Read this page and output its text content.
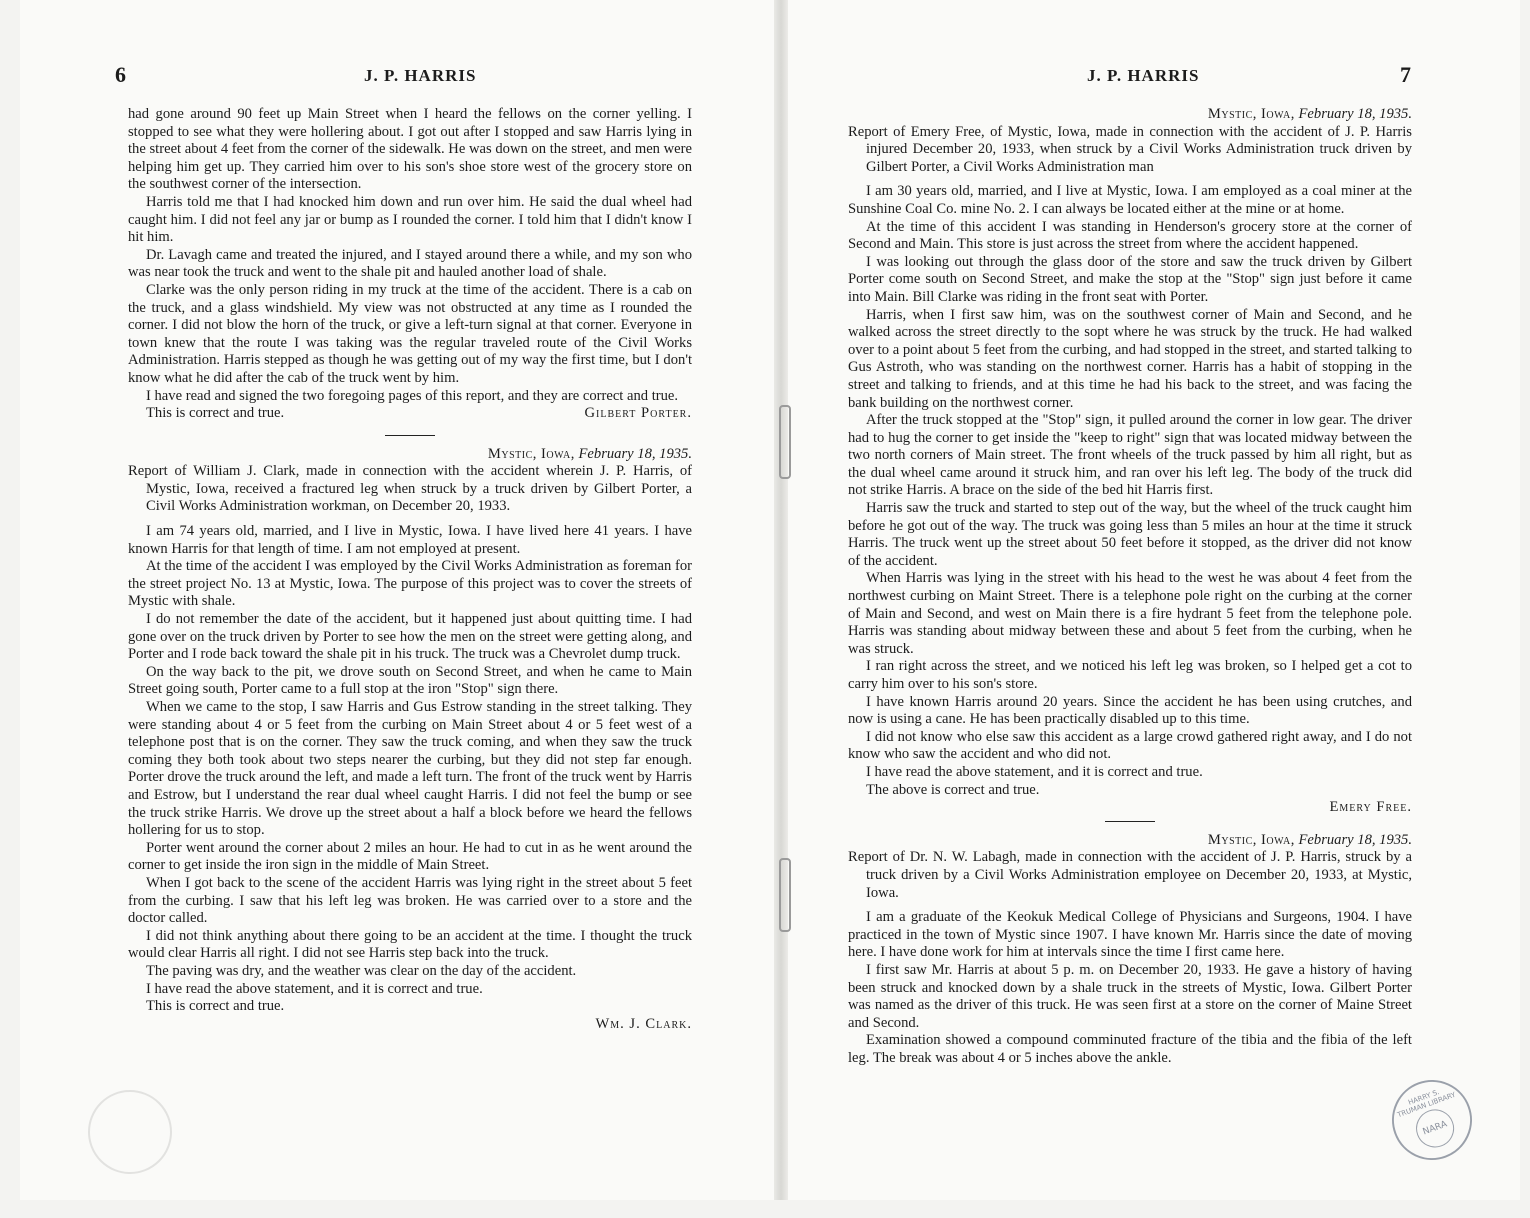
6	J. P. HARRIS

had gone around 90 feet up Main Street when I heard the fellows on the corner yelling. I stopped to see what they were hollering about. I got out after I stopped and saw Harris lying in the street about 4 feet from the corner of the sidewalk. He was down on the street, and men were helping him get up. They carried him over to his son's shoe store west of the grocery store on the southwest corner of the intersection.

Harris told me that I had knocked him down and run over him. He said the dual wheel had caught him. I did not feel any jar or bump as I rounded the corner. I told him that I didn't know I hit him.

Dr. Lavagh came and treated the injured, and I stayed around there a while, and my son who was near took the truck and went to the shale pit and hauled another load of shale.

Clarke was the only person riding in my truck at the time of the accident. There is a cab on the truck, and a glass windshield. My view was not obstructed at any time as I rounded the corner. I did not blow the horn of the truck, or give a left-turn signal at that corner. Everyone in town knew that the route I was taking was the regular traveled route of the Civil Works Administration. Harris stepped as though he was getting out of my way the first time, but I don't know what he did after the cab of the truck went by him.

I have read and signed the two foregoing pages of this report, and they are correct and true.

This is correct and true.	Gilbert Porter.

Mystic, Iowa, February 18, 1935.

Report of William J. Clark, made in connection with the accident wherein J. P. Harris, of Mystic, Iowa, received a fractured leg when struck by a truck driven by Gilbert Porter, a Civil Works Administration workman, on December 20, 1933.

I am 74 years old, married, and I live in Mystic, Iowa. I have lived here 41 years. I have known Harris for that length of time. I am not employed at present.

At the time of the accident I was employed by the Civil Works Administration as foreman for the street project No. 13 at Mystic, Iowa. The purpose of this project was to cover the streets of Mystic with shale.

I do not remember the date of the accident, but it happened just about quitting time. I had gone over on the truck driven by Porter to see how the men on the street were getting along, and Porter and I rode back toward the shale pit in his truck. The truck was a Chevrolet dump truck.

On the way back to the pit, we drove south on Second Street, and when he came to Main Street going south, Porter came to a full stop at the iron "Stop" sign there.

When we came to the stop, I saw Harris and Gus Estrow standing in the street talking. They were standing about 4 or 5 feet from the curbing on Main Street about 4 or 5 feet west of a telephone post that is on the corner. They saw the truck coming, and when they saw the truck coming they both took about two steps nearer the curbing, but they did not step far enough. Porter drove the truck around the left, and made a left turn. The front of the truck went by Harris and Estrow, but I understand the rear dual wheel caught Harris. I did not feel the bump or see the truck strike Harris. We drove up the street about a half a block before we heard the fellows hollering for us to stop.

Porter went around the corner about 2 miles an hour. He had to cut in as he went around the corner to get inside the iron sign in the middle of Main Street.

When I got back to the scene of the accident Harris was lying right in the street about 5 feet from the curbing. I saw that his left leg was broken. He was carried over to a store and the doctor called.

I did not think anything about there going to be an accident at the time. I thought the truck would clear Harris all right. I did not see Harris step back into the truck.

The paving was dry, and the weather was clear on the day of the accident.

I have read the above statement, and it is correct and true.

This is correct and true.

Wm. J. Clark.

J. P. HARRIS	7

Mystic, Iowa, February 18, 1935.

Report of Emery Free, of Mystic, Iowa, made in connection with the accident of J. P. Harris injured December 20, 1933, when struck by a Civil Works Administration truck driven by Gilbert Porter, a Civil Works Administration man

I am 30 years old, married, and I live at Mystic, Iowa. I am employed as a coal miner at the Sunshine Coal Co. mine No. 2. I can always be located either at the mine or at home.

At the time of this accident I was standing in Henderson's grocery store at the corner of Second and Main. This store is just across the street from where the accident happened.

I was looking out through the glass door of the store and saw the truck driven by Gilbert Porter come south on Second Street, and make the stop at the "Stop" sign just before it came into Main. Bill Clarke was riding in the front seat with Porter.

Harris, when I first saw him, was on the southwest corner of Main and Second, and he walked across the street directly to the sopt where he was struck by the truck. He had walked over to a point about 5 feet from the curbing, and had stopped in the street, and started talking to Gus Astroth, who was standing on the northwest corner. Harris has a habit of stopping in the street and talking to friends, and at this time he had his back to the street, and was facing the bank building on the northwest corner.

After the truck stopped at the "Stop" sign, it pulled around the corner in low gear. The driver had to hug the corner to get inside the "keep to right" sign that was located midway between the two north corners of Main street. The front wheels of the truck passed by him all right, but as the dual wheel came around it struck him, and ran over his left leg. The body of the truck did not strike Harris. A brace on the side of the bed hit Harris first.

Harris saw the truck and started to step out of the way, but the wheel of the truck caught him before he got out of the way. The truck was going less than 5 miles an hour at the time it struck Harris. The truck went up the street about 50 feet before it stopped, as the driver did not know of the accident.

When Harris was lying in the street with his head to the west he was about 4 feet from the northwest curbing on Maint Street. There is a telephone pole right on the curbing at the corner of Main and Second, and west on Main there is a fire hydrant 5 feet from the telephone pole. Harris was standing about midway between these and about 5 feet from the curbing, when he was struck.

I ran right across the street, and we noticed his left leg was broken, so I helped get a cot to carry him over to his son's store.

I have known Harris around 20 years. Since the accident he has been using crutches, and now is using a cane. He has been practically disabled up to this time.

I did not know who else saw this accident as a large crowd gathered right away, and I do not know who saw the accident and who did not.

I have read the above statement, and it is correct and true.

The above is correct and true.

Emery Free.

Mystic, Iowa, February 18, 1935.

Report of Dr. N. W. Labagh, made in connection with the accident of J. P. Harris, struck by a truck driven by a Civil Works Administration employee on December 20, 1933, at Mystic, Iowa.

I am a graduate of the Keokuk Medical College of Physicians and Surgeons, 1904. I have practiced in the town of Mystic since 1907. I have known Mr. Harris since the date of moving here. I have done work for him at intervals since the time I first came here.

I first saw Mr. Harris at about 5 p. m. on December 20, 1933. He gave a history of having been struck and knocked down by a shale truck in the streets of Mystic, Iowa. Gilbert Porter was named as the driver of this truck. He was seen first at a store on the corner of Maine Street and Second.

Examination showed a compound comminuted fracture of the tibia and the fibia of the left leg. The break was about 4 or 5 inches above the ankle.

HARRY S. TRUMAN LIBRARY
NARA
